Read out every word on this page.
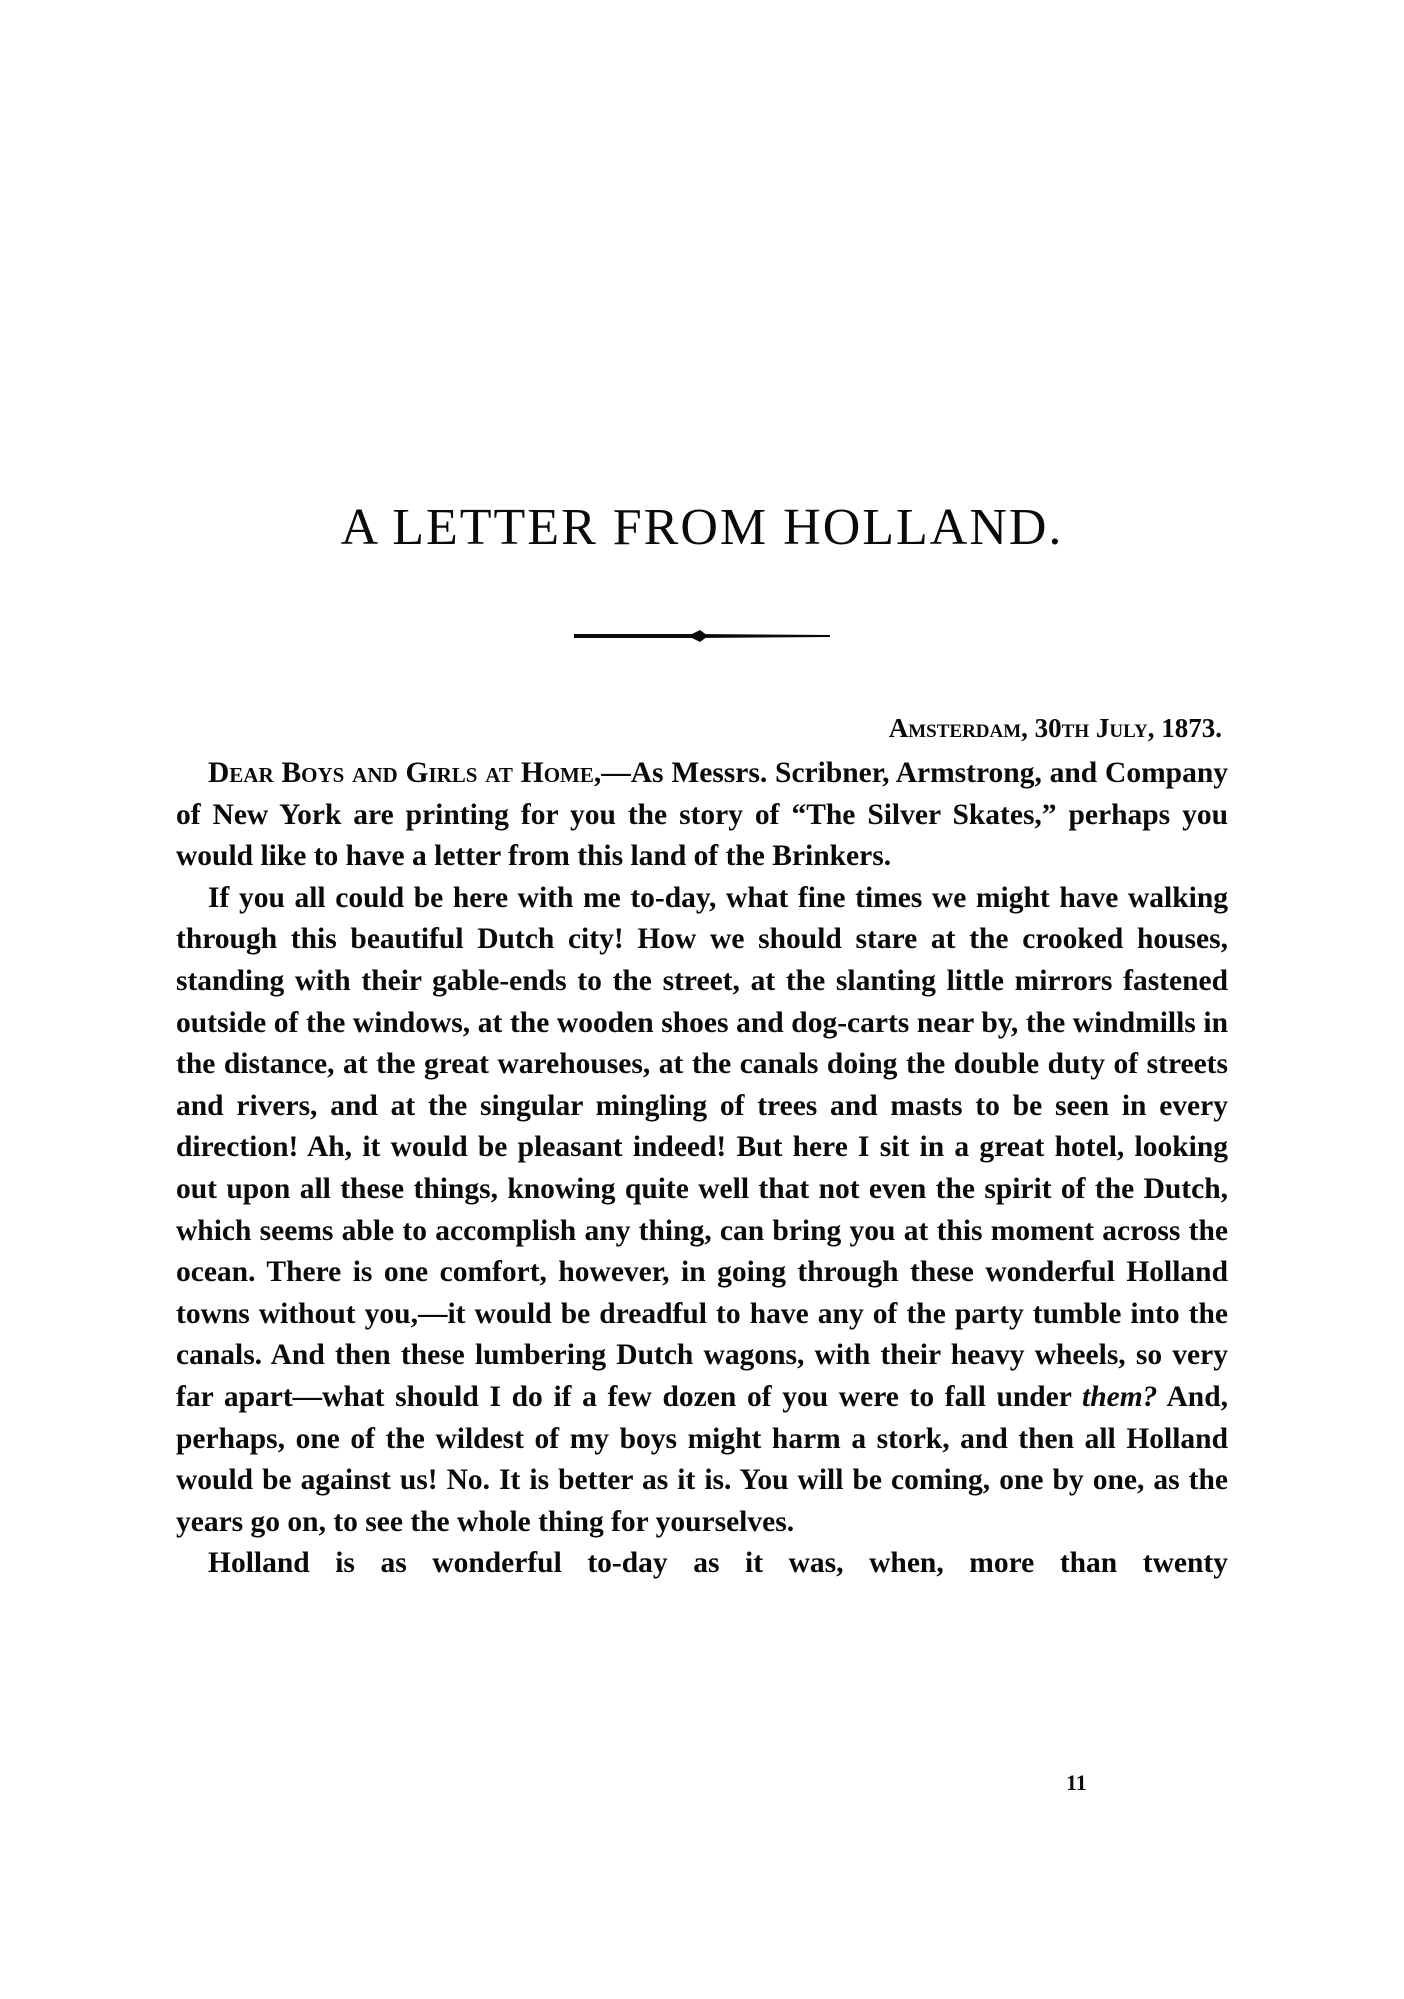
A LETTER FROM HOLLAND.
Amsterdam, 30th July, 1873.

Dear Boys and Girls at Home,—As Messrs. Scribner, Armstrong, and Company of New York are printing for you the story of “The Silver Skates,” perhaps you would like to have a letter from this land of the Brinkers.

If you all could be here with me to-day, what fine times we might have walking through this beautiful Dutch city! How we should stare at the crooked houses, standing with their gable-ends to the street, at the slanting little mirrors fastened outside of the windows, at the wooden shoes and dog-carts near by, the windmills in the distance, at the great warehouses, at the canals doing the double duty of streets and rivers, and at the singular mingling of trees and masts to be seen in every direction! Ah, it would be pleasant indeed! But here I sit in a great hotel, looking out upon all these things, knowing quite well that not even the spirit of the Dutch, which seems able to accomplish any thing, can bring you at this moment across the ocean. There is one comfort, however, in going through these wonderful Holland towns without you,—it would be dreadful to have any of the party tumble into the canals. And then these lumbering Dutch wagons, with their heavy wheels, so very far apart—what should I do if a few dozen of you were to fall under them? And, perhaps, one of the wildest of my boys might harm a stork, and then all Holland would be against us! No. It is better as it is. You will be coming, one by one, as the years go on, to see the whole thing for yourselves.

Holland is as wonderful to-day as it was, when, more than twenty

11
